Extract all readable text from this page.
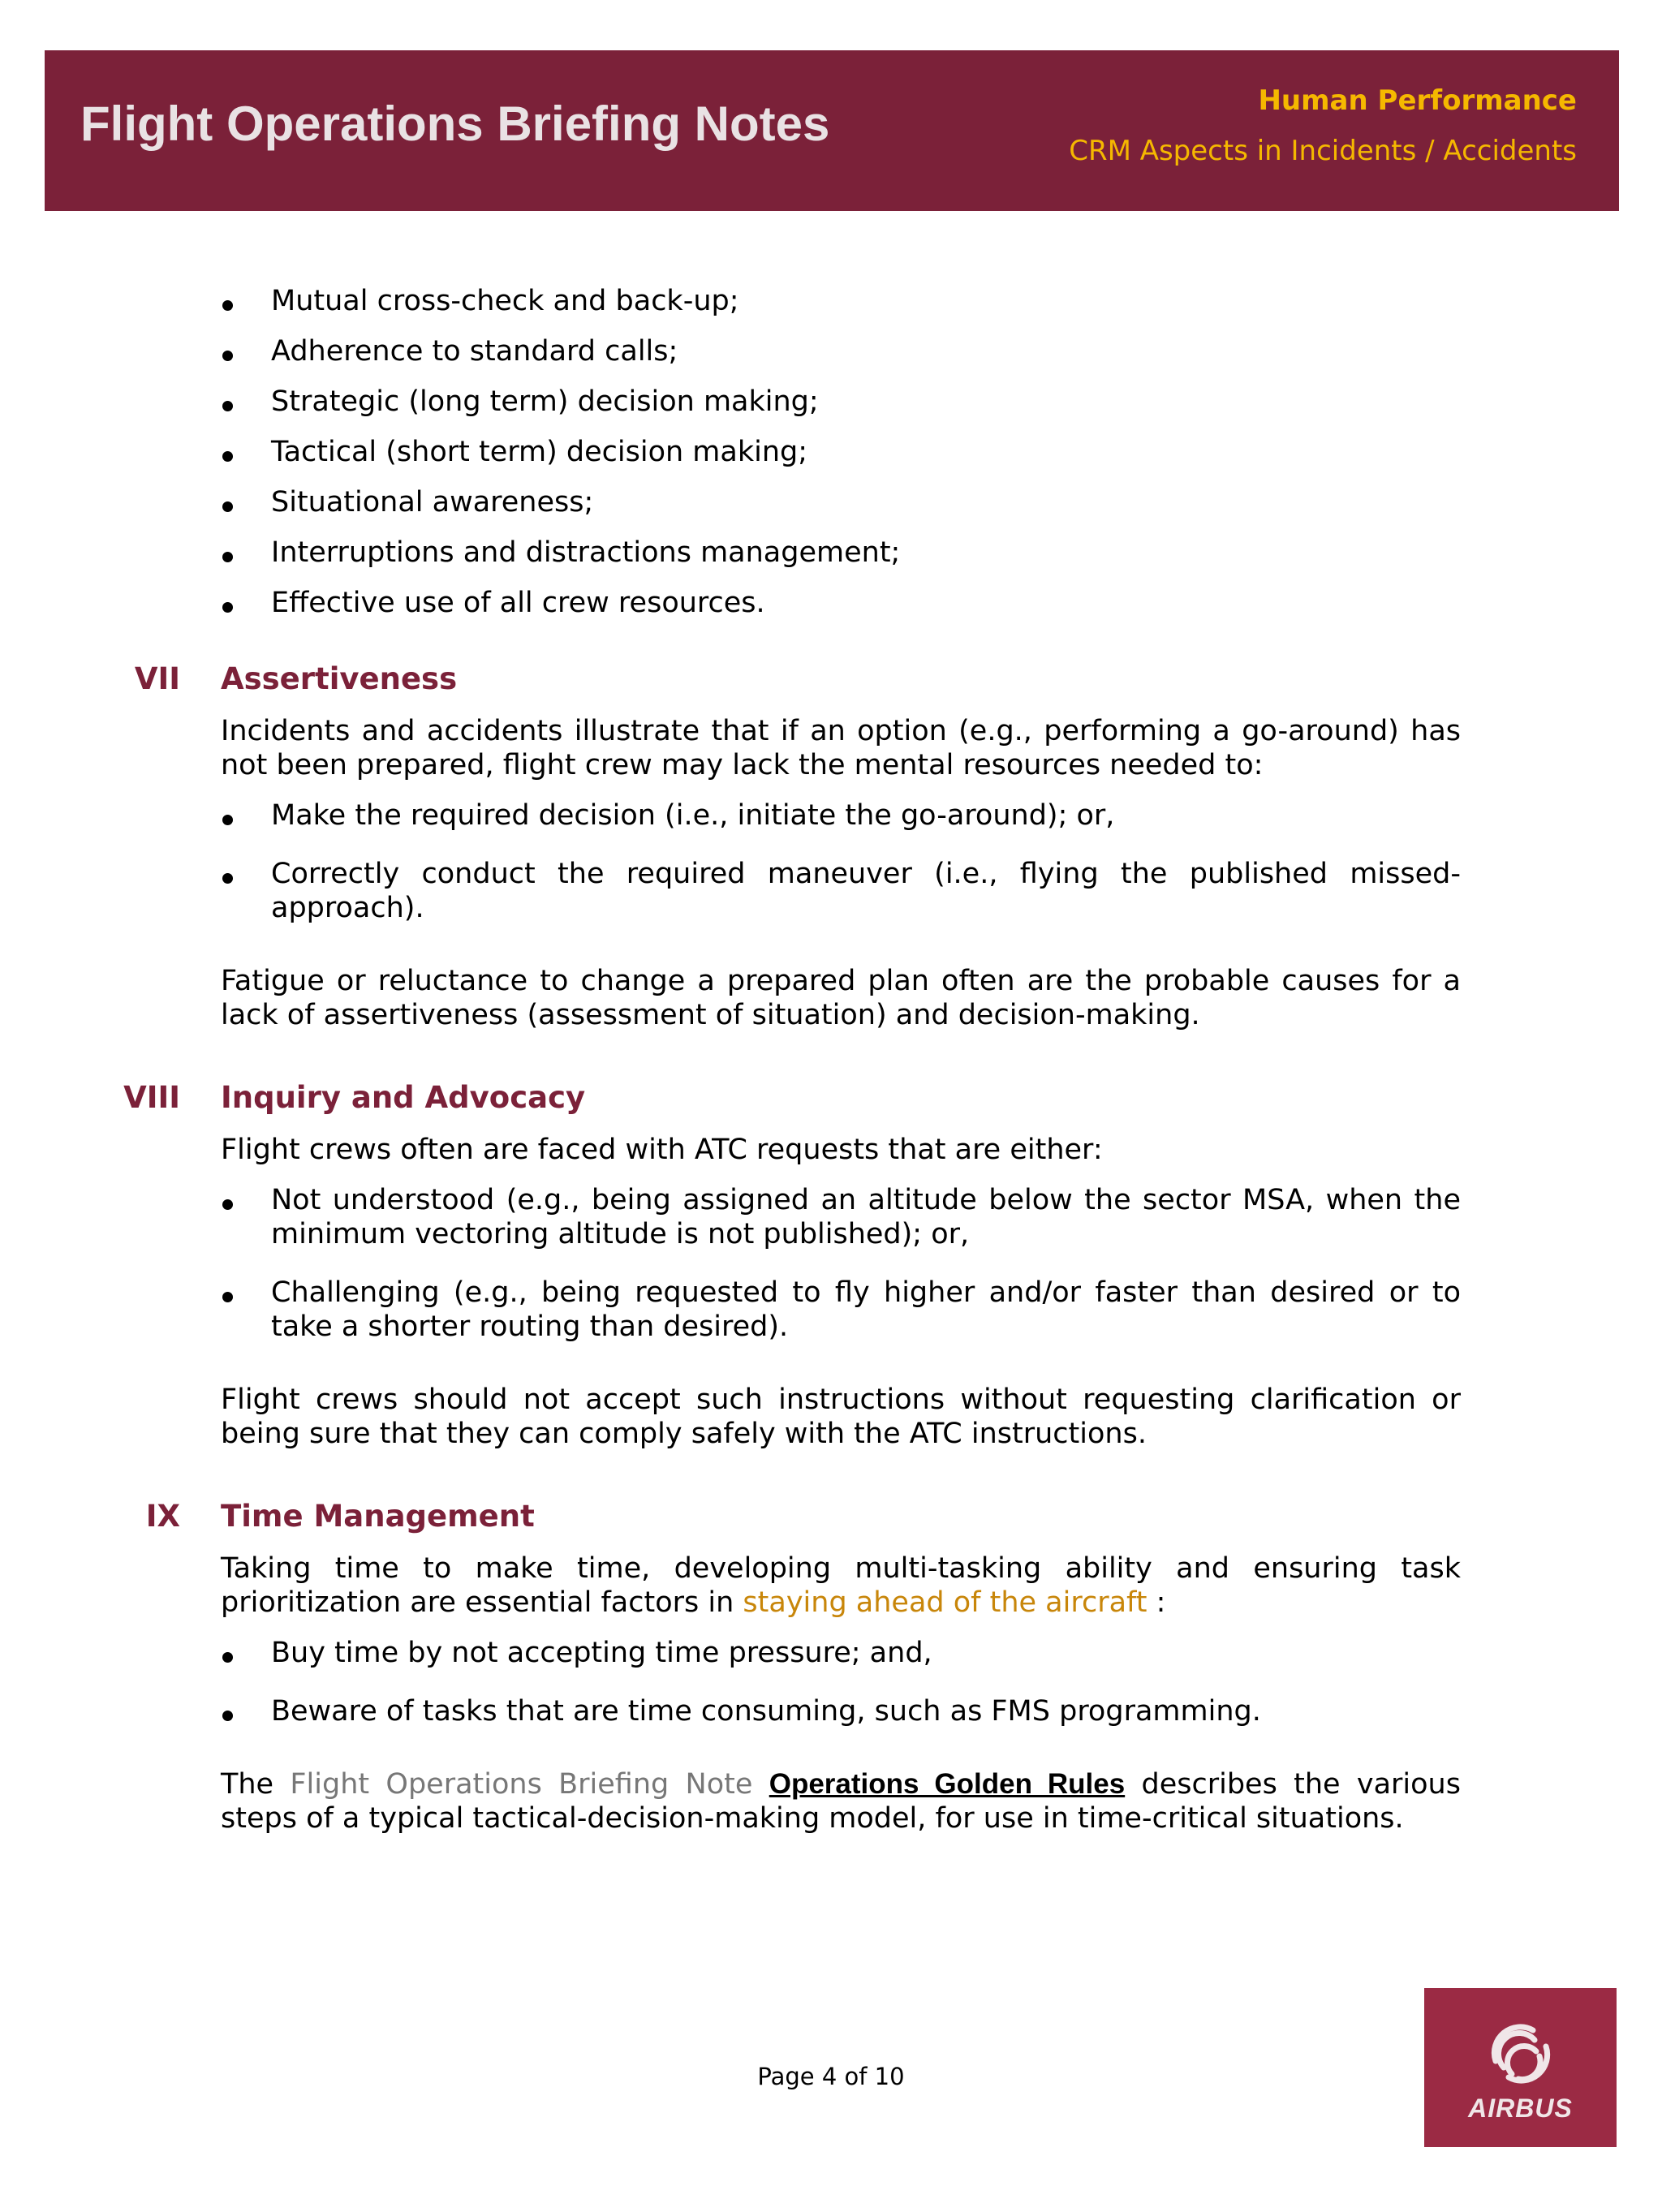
Flight Operations Briefing Notes	Human Performance
CRM Aspects in Incidents / Accidents
Mutual cross-check and back-up;
Adherence to standard calls;
Strategic (long term) decision making;
Tactical (short term) decision making;
Situational awareness;
Interruptions and distractions management;
Effective use of all crew resources.
VII Assertiveness

Incidents and accidents illustrate that if an option (e.g., performing a go-around) has not been prepared, flight crew may lack the mental resources needed to:

Make the required decision (i.e., initiate the go-around); or,
Correctly conduct the required maneuver (i.e., flying the published missed-approach).

Fatigue or reluctance to change a prepared plan often are the probable causes for a lack of assertiveness (assessment of situation) and decision-making.

VIII Inquiry and Advocacy

Flight crews often are faced with ATC requests that are either:

Not understood (e.g., being assigned an altitude below the sector MSA, when the minimum vectoring altitude is not published); or,
Challenging (e.g., being requested to fly higher and/or faster than desired or to take a shorter routing than desired).

Flight crews should not accept such instructions without requesting clarification or being sure that they can comply safely with the ATC instructions.

IX Time Management

Taking time to make time, developing multi-tasking ability and ensuring task prioritization are essential factors in staying ahead of the aircraft :

Buy time by not accepting time pressure; and,
Beware of tasks that are time consuming, such as FMS programming.

The Flight Operations Briefing Note Operations Golden Rules describes the various steps of a typical tactical-decision-making model, for use in time-critical situations.

Page 4 of 10
AIRBUS
